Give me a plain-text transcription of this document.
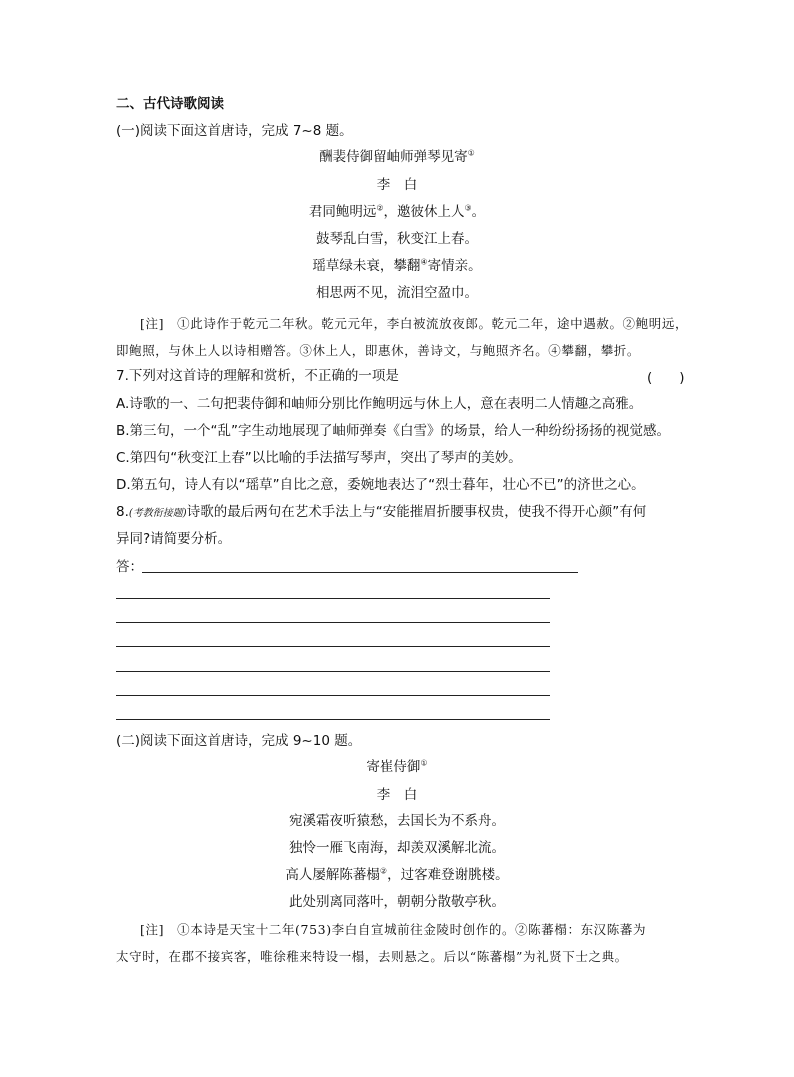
二、古代诗歌阅读
(一)阅读下面这首唐诗，完成 7~8 题。
酬裴侍御留岫师弹琴见寄①
李　白
君同鲍明远②，邀彼休上人③。
鼓琴乱白雪，秋变江上春。
瑶草绿未衰，攀翻④寄情亲。
相思两不见，流泪空盈巾。
[注]　①此诗作于乾元二年秋。乾元元年，李白被流放夜郎。乾元二年，途中遇赦。②鲍明远，
即鲍照，与休上人以诗相赠答。③休上人，即惠休，善诗文，与鲍照齐名。④攀翻，攀折。
7.下列对这首诗的理解和赏析，不正确的一项是	(　　)
A.诗歌的一、二句把裴侍御和岫师分别比作鲍明远与休上人，意在表明二人情趣之高雅。
B.第三句，一个“乱”字生动地展现了岫师弹奏《白雪》的场景，给人一种纷纷扬扬的视觉感。
C.第四句“秋变江上春”以比喻的手法描写琴声，突出了琴声的美妙。
D.第五句，诗人有以“瑶草”自比之意，委婉地表达了“烈士暮年，壮心不已”的济世之心。
8.(考教衔接题)诗歌的最后两句在艺术手法上与“安能摧眉折腰事权贵，使我不得开心颜”有何
异同?请简要分析。
答：
(二)阅读下面这首唐诗，完成 9~10 题。
寄崔侍御①
李　白
宛溪霜夜听猿愁，去国长为不系舟。
独怜一雁飞南海，却羡双溪解北流。
高人屡解陈蕃榻②，过客难登谢朓楼。
此处别离同落叶，朝朝分散敬亭秋。
[注]　①本诗是天宝十二年(753)李白自宣城前往金陵时创作的。②陈蕃榻：东汉陈蕃为
太守时，在郡不接宾客，唯徐稚来特设一榻，去则悬之。后以“陈蕃榻”为礼贤下士之典。
